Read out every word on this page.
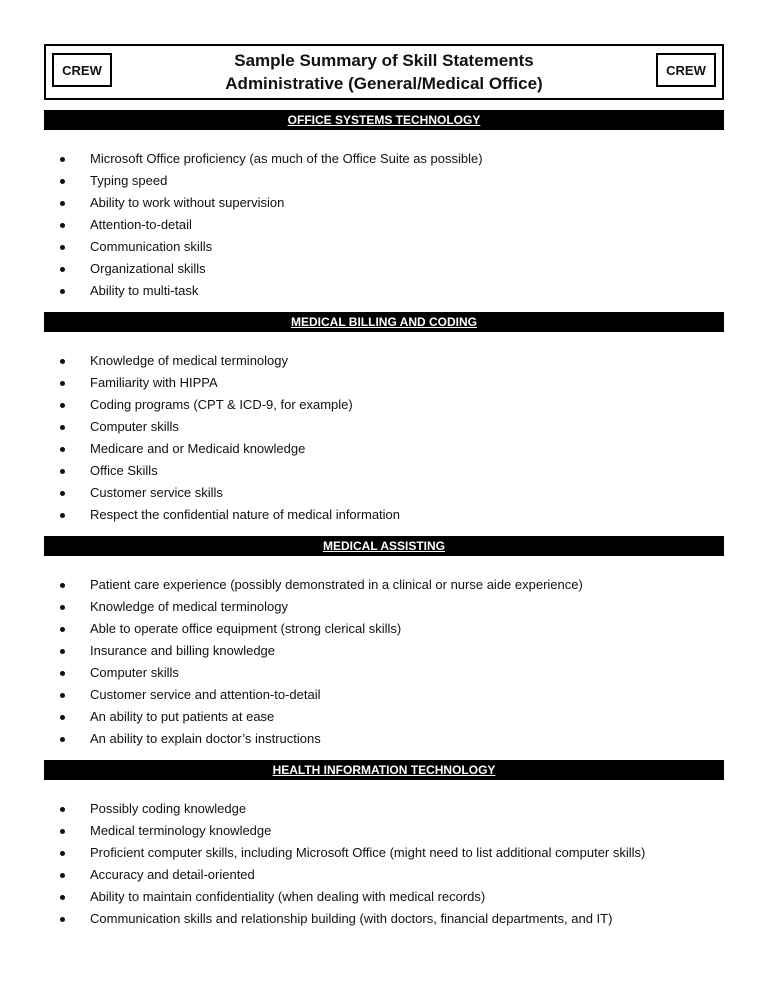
CREW	Sample Summary of Skill Statements
Administrative (General/Medical Office)
CREW
OFFICE SYSTEMS TECHNOLOGY
Microsoft Office proficiency (as much of the Office Suite as possible)
Typing speed
Ability to work without supervision
Attention-to-detail
Communication skills
Organizational skills
Ability to multi-task
MEDICAL BILLING AND CODING
Knowledge of medical terminology
Familiarity with HIPPA
Coding programs (CPT & ICD-9, for example)
Computer skills
Medicare and or Medicaid knowledge
Office Skills
Customer service skills
Respect the confidential nature of medical information
MEDICAL ASSISTING
Patient care experience (possibly demonstrated in a clinical or nurse aide experience)
Knowledge of medical terminology
Able to operate office equipment (strong clerical skills)
Insurance and billing knowledge
Computer skills
Customer service and attention-to-detail
An ability to put patients at ease
An ability to explain doctor’s instructions
HEALTH INFORMATION TECHNOLOGY
Possibly coding knowledge
Medical terminology knowledge
Proficient computer skills, including Microsoft Office (might need to list additional computer skills)
Accuracy and detail-oriented
Ability to maintain confidentiality (when dealing with medical records)
Communication skills and relationship building (with doctors, financial departments, and IT)
